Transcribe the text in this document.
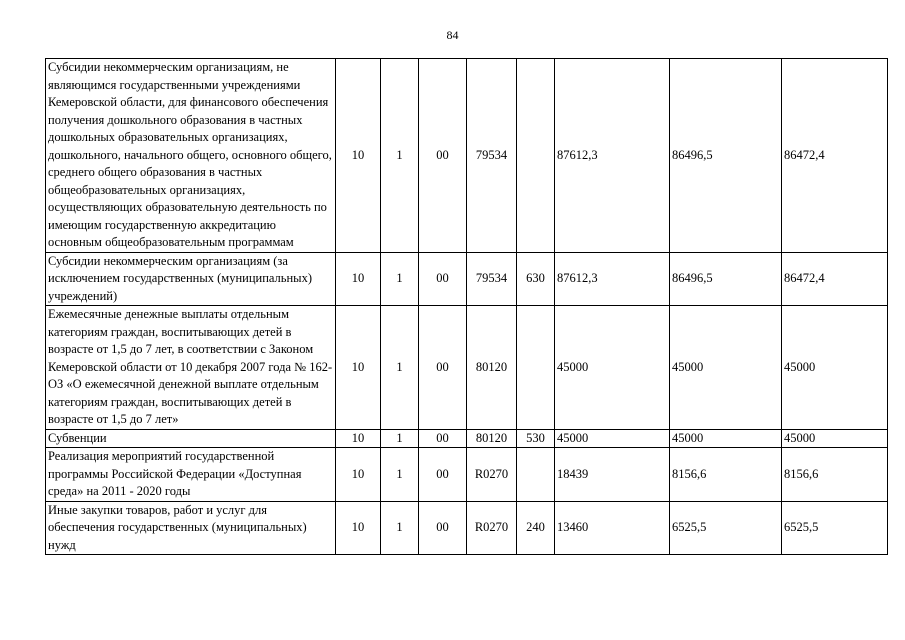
84
Субсидии некоммерческим организациям, не являющимся государственными учреждениями Кемеровской области, для финансового обеспечения получения дошкольного образования в частных дошкольных образовательных организациях, дошкольного, начального общего, основного общего, среднего общего образования в частных общеобразовательных организациях, осуществляющих образовательную деятельность по имеющим государственную аккредитацию основным общеобразовательным программам	10	1	00	79534		87612,3	86496,5	86472,4
Субсидии некоммерческим организациям (за исключением государственных (муниципальных) учреждений)	10	1	00	79534	630	87612,3	86496,5	86472,4
Ежемесячные денежные выплаты отдельным категориям граждан, воспитывающих детей в возрасте от 1,5 до 7 лет, в соответствии с Законом Кемеровской области от 10 декабря 2007 года № 162-ОЗ «О ежемесячной денежной выплате отдельным категориям граждан, воспитывающих детей в возрасте от 1,5 до 7 лет»	10	1	00	80120		45000	45000	45000
Субвенции	10	1	00	80120	530	45000	45000	45000
Реализация мероприятий государственной программы Российской Федерации «Доступная среда» на 2011 - 2020 годы	10	1	00	R0270		18439	8156,6	8156,6
Иные закупки товаров, работ и услуг для обеспечения государственных (муниципальных) нужд	10	1	00	R0270	240	13460	6525,5	6525,5
